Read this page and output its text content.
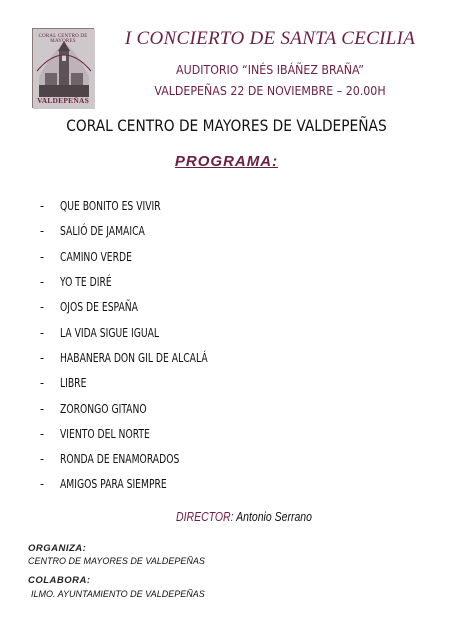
CORAL CENTRO DE MAYORES
VALDEPEÑAS
I CONCIERTO DE SANTA CECILIA
AUDITORIO “INÉS IBÁÑEZ BRAÑA”
VALDEPEÑAS 22 DE NOVIEMBRE – 20.00H
CORAL CENTRO DE MAYORES DE VALDEPEÑAS
PROGRAMA:
-	QUE BONITO ES VIVIR
-	SALIÓ DE JAMAICA
-	CAMINO VERDE
-	YO TE DIRÉ
-	OJOS DE ESPAÑA
-	LA VIDA SIGUE IGUAL
-	HABANERA DON GIL DE ALCALÁ
-	LIBRE
-	ZORONGO GITANO
-	VIENTO DEL NORTE
-	RONDA DE ENAMORADOS
-	AMIGOS PARA SIEMPRE
DIRECTOR: Antonio Serrano
ORGANIZA:
CENTRO DE MAYORES DE VALDEPEÑAS
COLABORA:
ILMO. AYUNTAMIENTO DE VALDEPEÑAS
